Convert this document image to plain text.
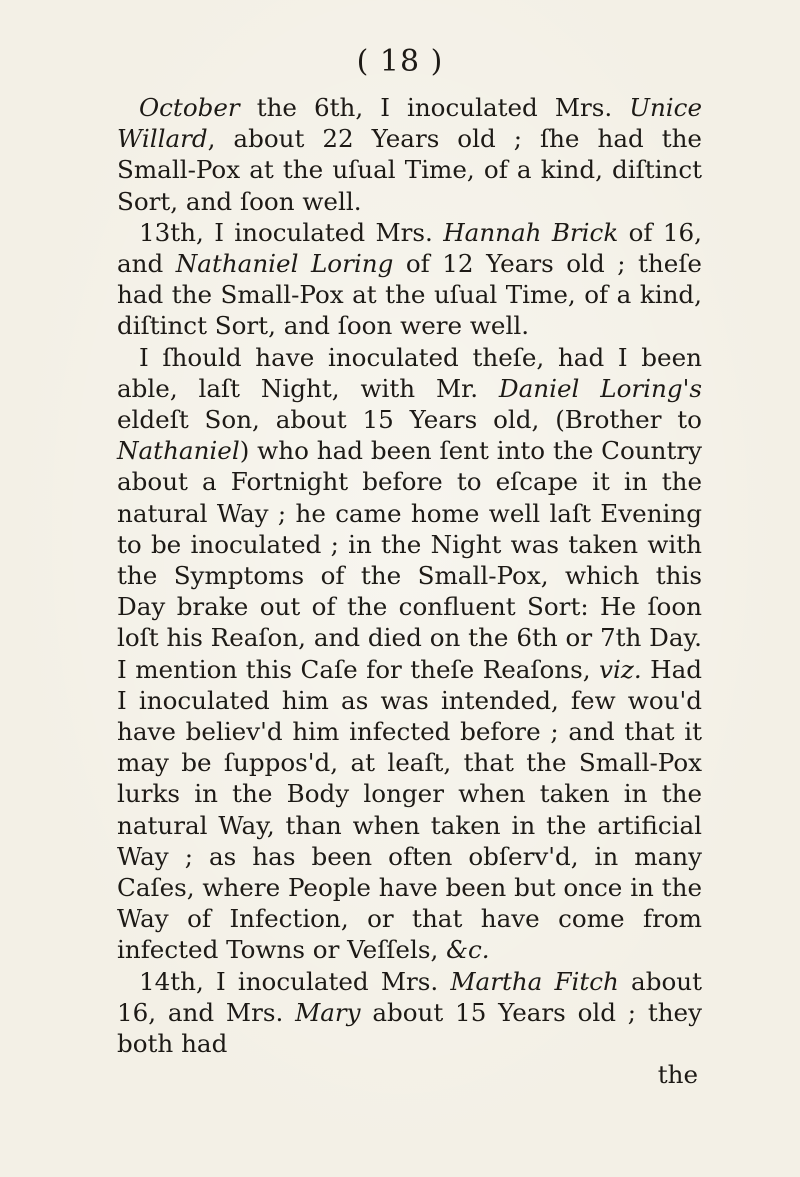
( 18 )

October the 6th, I inoculated Mrs. Unice Willard, about 22 Years old ; ſhe had the Small-Pox at the uſual Time, of a kind, diſtinct Sort, and ſoon well.

13th, I inoculated Mrs. Hannah Brick of 16, and Nathaniel Loring of 12 Years old ; theſe had the Small-Pox at the uſual Time, of a kind, diſtinct Sort, and ſoon were well.

I ſhould have inoculated theſe, had I been able, laſt Night, with Mr. Daniel Loring's eldeſt Son, about 15 Years old, (Brother to Nathaniel) who had been ſent into the Country about a Fortnight before to eſcape it in the natural Way ; he came home well laſt Evening to be inoculated ; in the Night was taken with the Symptoms of the Small-Pox, which this Day brake out of the confluent Sort: He ſoon loſt his Reaſon, and died on the 6th or 7th Day. I mention this Caſe for theſe Reaſons, viz. Had I inoculated him as was intended, few wou'd have believ'd him infected before ; and that it may be ſuppos'd, at leaſt, that the Small-Pox lurks in the Body longer when taken in the natural Way, than when taken in the artificial Way ; as has been often obſerv'd, in many Caſes, where People have been but once in the Way of Infection, or that have come from infected Towns or Veſſels, &c.

14th, I inoculated Mrs. Martha Fitch about 16, and Mrs. Mary about 15 Years old ; they both had

the
